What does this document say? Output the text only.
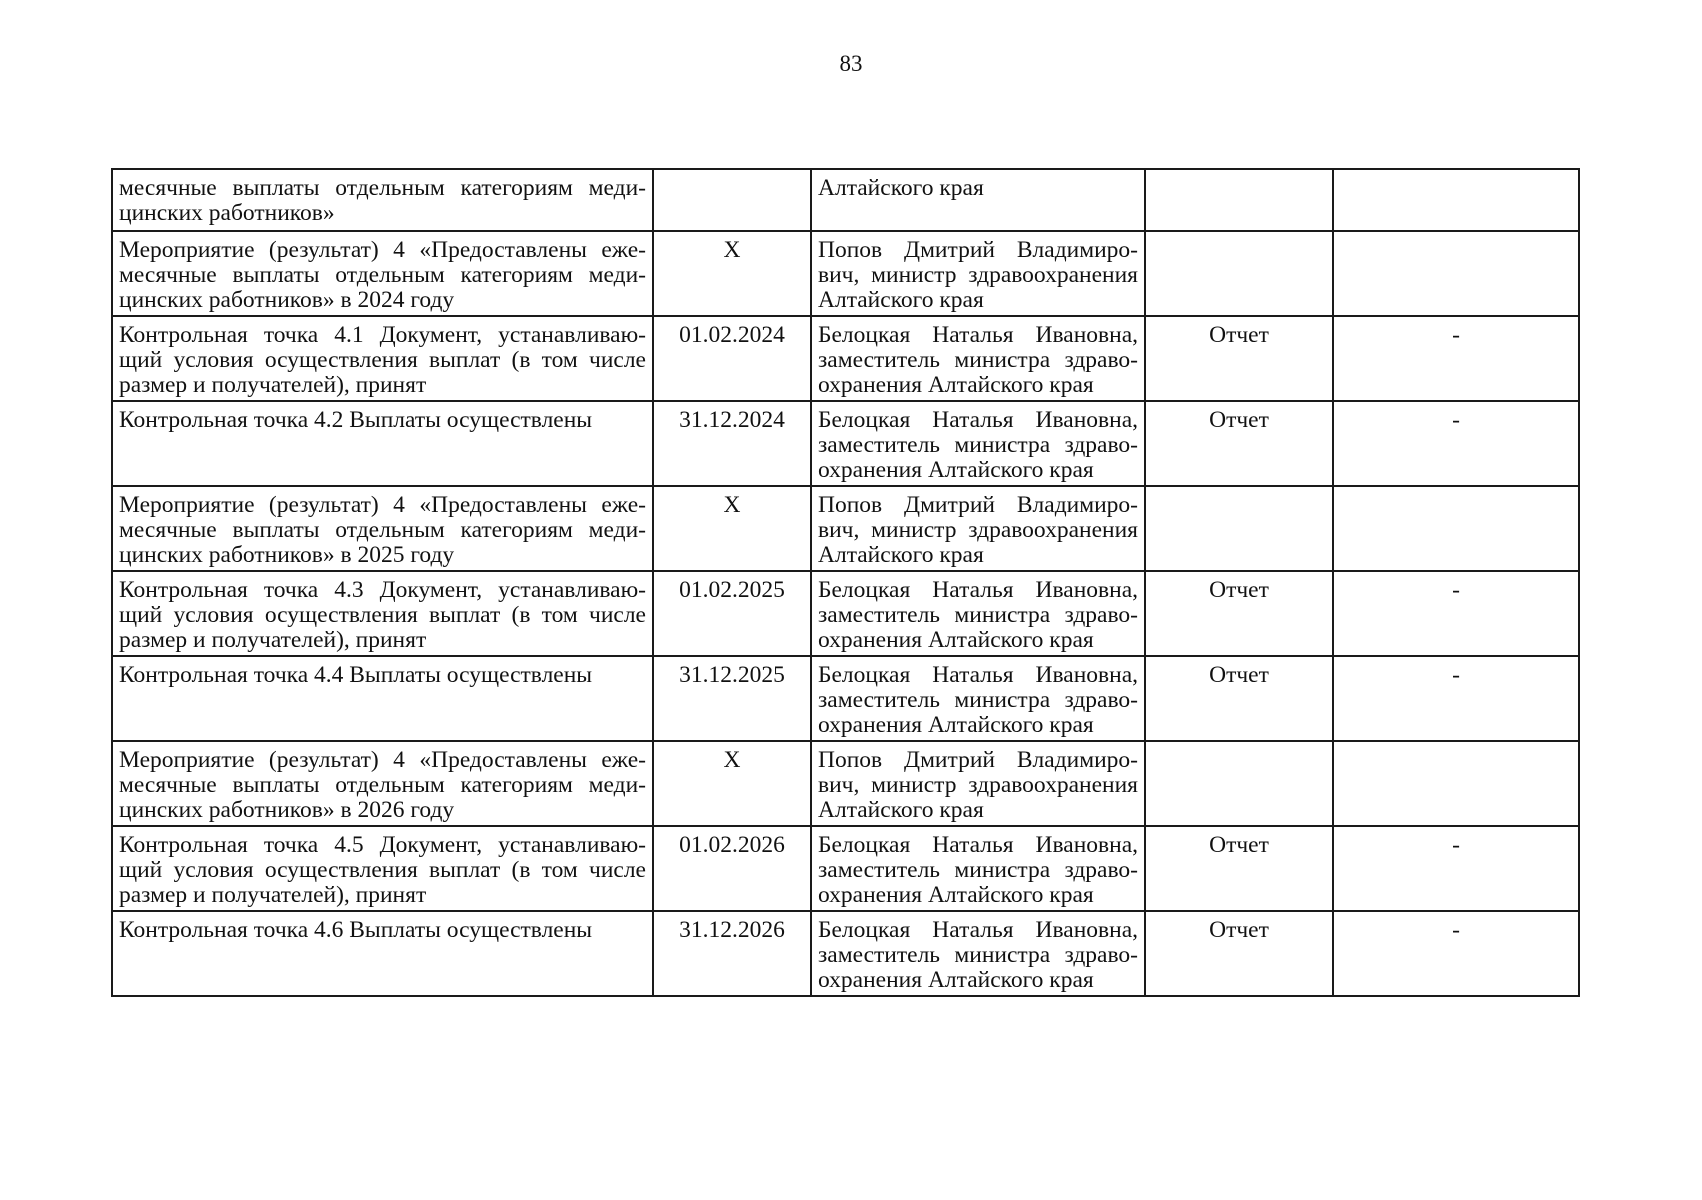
83
месячные выплаты отдельным категориям меди-цинских работников»		Алтайского края		
Мероприятие (результат) 4 «Предоставлены еже-месячные выплаты отдельным категориям меди-цинских работников» в 2024 году	X	Попов Дмитрий Владимиро-вич, министр здравоохранения Алтайского края		
Контрольная точка 4.1 Документ, устанавливаю-щий условия осуществления выплат (в том числе размер и получателей), принят	01.02.2024	Белоцкая Наталья Ивановна, заместитель министра здраво-охранения Алтайского края	Отчет	-
Контрольная точка 4.2 Выплаты осуществлены	31.12.2024	Белоцкая Наталья Ивановна, заместитель министра здраво-охранения Алтайского края	Отчет	-
Мероприятие (результат) 4 «Предоставлены еже-месячные выплаты отдельным категориям меди-цинских работников» в 2025 году	X	Попов Дмитрий Владимиро-вич, министр здравоохранения Алтайского края		
Контрольная точка 4.3 Документ, устанавливаю-щий условия осуществления выплат (в том числе размер и получателей), принят	01.02.2025	Белоцкая Наталья Ивановна, заместитель министра здраво-охранения Алтайского края	Отчет	-
Контрольная точка 4.4 Выплаты осуществлены	31.12.2025	Белоцкая Наталья Ивановна, заместитель министра здраво-охранения Алтайского края	Отчет	-
Мероприятие (результат) 4 «Предоставлены еже-месячные выплаты отдельным категориям меди-цинских работников» в 2026 году	X	Попов Дмитрий Владимиро-вич, министр здравоохранения Алтайского края		
Контрольная точка 4.5 Документ, устанавливаю-щий условия осуществления выплат (в том числе размер и получателей), принят	01.02.2026	Белоцкая Наталья Ивановна, заместитель министра здраво-охранения Алтайского края	Отчет	-
Контрольная точка 4.6 Выплаты осуществлены	31.12.2026	Белоцкая Наталья Ивановна, заместитель министра здраво-охранения Алтайского края	Отчет	-
